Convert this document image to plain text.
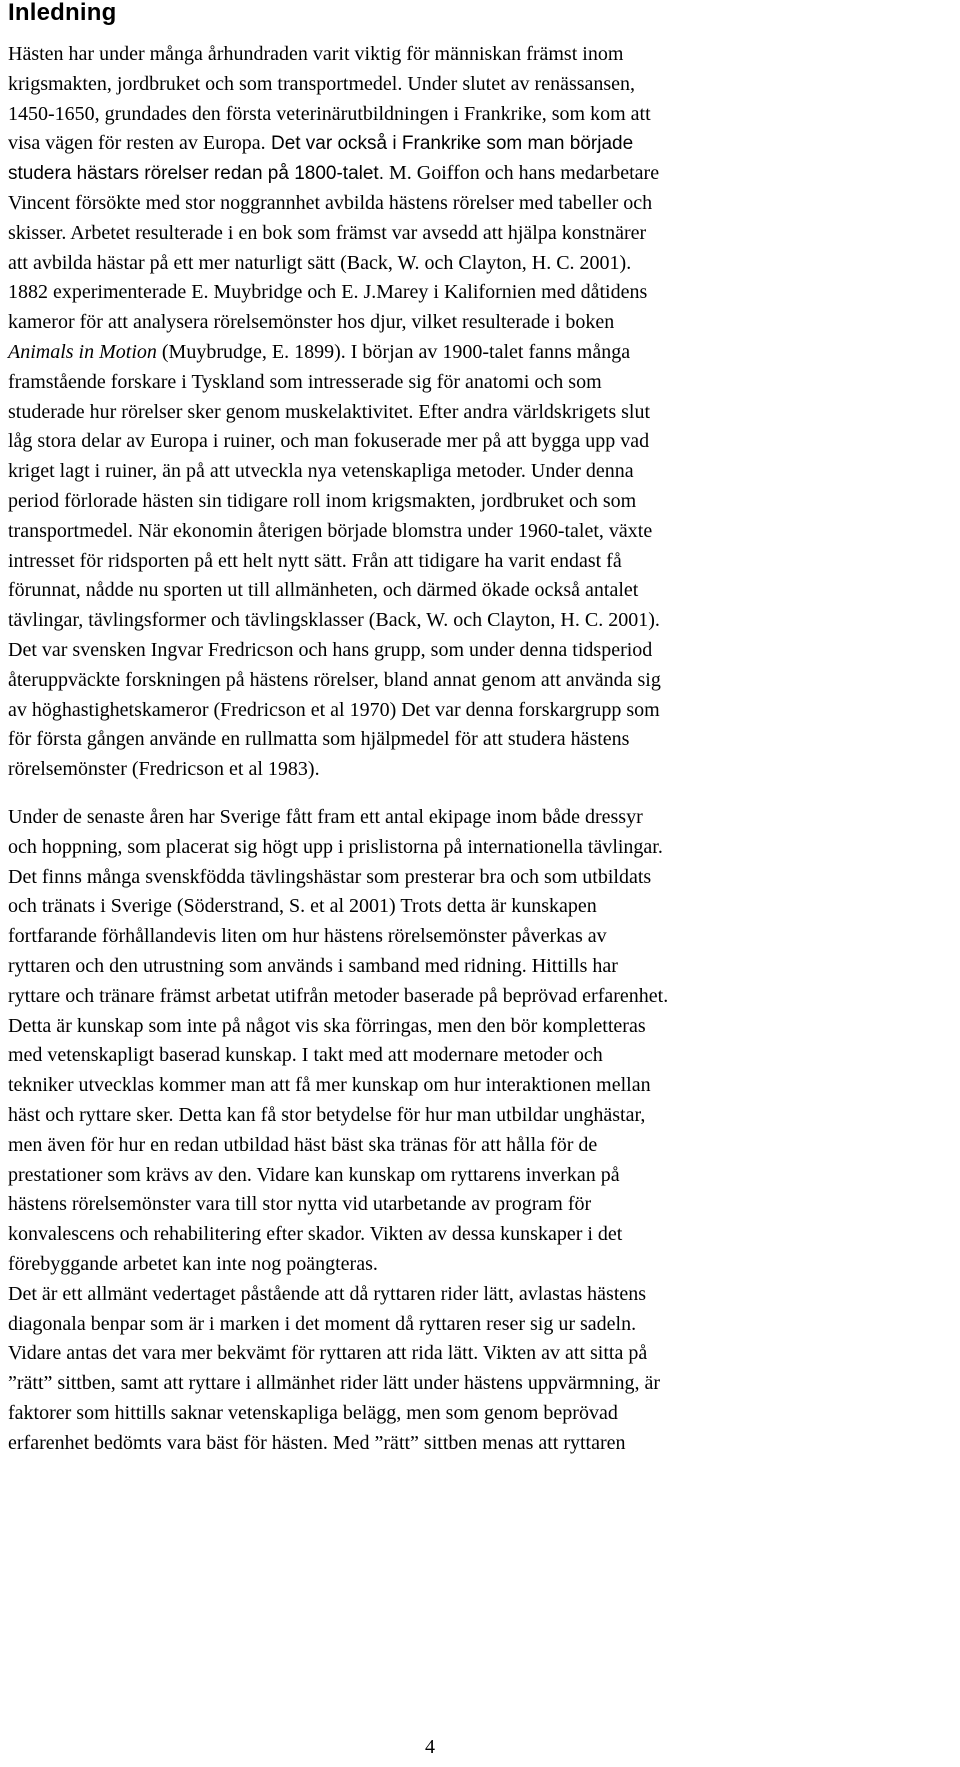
Inledning
Hästen har under många århundraden varit viktig för människan främst inom
krigsmakten, jordbruket och som transportmedel. Under slutet av renässansen,
1450-1650, grundades den första veterinärutbildningen i Frankrike, som kom att
visa vägen för resten av Europa. Det var också i Frankrike som man började
studera hästars rörelser redan på 1800-talet. M. Goiffon och hans medarbetare
Vincent försökte med stor noggrannhet avbilda hästens rörelser med tabeller och
skisser. Arbetet resulterade i en bok som främst var avsedd att hjälpa konstnärer
att avbilda hästar på ett mer naturligt sätt (Back, W. och Clayton, H. C. 2001).
1882 experimenterade E. Muybridge och E. J.Marey i Kalifornien med dåtidens
kameror för att analysera rörelsemönster hos djur, vilket resulterade i boken
Animals in Motion (Muybrudge, E. 1899). I början av 1900-talet fanns många
framstående forskare i Tyskland som intresserade sig för anatomi och som
studerade hur rörelser sker genom muskelaktivitet. Efter andra världskrigets slut
låg stora delar av Europa i ruiner, och man fokuserade mer på att bygga upp vad
kriget lagt i ruiner, än på att utveckla nya vetenskapliga metoder. Under denna
period förlorade hästen sin tidigare roll inom krigsmakten, jordbruket och som
transportmedel. När ekonomin återigen började blomstra under 1960-talet, växte
intresset för ridsporten på ett helt nytt sätt. Från att tidigare ha varit endast få
förunnat, nådde nu sporten ut till allmänheten, och därmed ökade också antalet
tävlingar, tävlingsformer och tävlingsklasser (Back, W. och Clayton, H. C. 2001).
Det var svensken Ingvar Fredricson och hans grupp, som under denna tidsperiod
återuppväckte forskningen på hästens rörelser, bland annat genom att använda sig
av höghastighetskameror (Fredricson et al 1970) Det var denna forskargrupp som
för första gången använde en rullmatta som hjälpmedel för att studera hästens
rörelsemönster (Fredricson et al 1983).
Under de senaste åren har Sverige fått fram ett antal ekipage inom både dressyr
och hoppning, som placerat sig högt upp i prislistorna på internationella tävlingar.
Det finns många svenskfödda tävlingshästar som presterar bra och som utbildats
och tränats i Sverige (Söderstrand, S. et al 2001) Trots detta är kunskapen
fortfarande förhållandevis liten om hur hästens rörelsemönster påverkas av
ryttaren och den utrustning som används i samband med ridning. Hittills har
ryttare och tränare främst arbetat utifrån metoder baserade på beprövad erfarenhet.
Detta är kunskap som inte på något vis ska förringas, men den bör kompletteras
med vetenskapligt baserad kunskap. I takt med att modernare metoder och
tekniker utvecklas kommer man att få mer kunskap om hur interaktionen mellan
häst och ryttare sker. Detta kan få stor betydelse för hur man utbildar unghästar,
men även för hur en redan utbildad häst bäst ska tränas för att hålla för de
prestationer som krävs av den. Vidare kan kunskap om ryttarens inverkan på
hästens rörelsemönster vara till stor nytta vid utarbetande av program för
konvalescens och rehabilitering efter skador. Vikten av dessa kunskaper i det
förebyggande arbetet kan inte nog poängteras.
Det är ett allmänt vedertaget påstående att då ryttaren rider lätt, avlastas hästens
diagonala benpar som är i marken i det moment då ryttaren reser sig ur sadeln.
Vidare antas det vara mer bekvämt för ryttaren att rida lätt. Vikten av att sitta på
”rätt” sittben, samt att ryttare i allmänhet rider lätt under hästens uppvärmning, är
faktorer som hittills saknar vetenskapliga belägg, men som genom beprövad
erfarenhet bedömts vara bäst för hästen. Med ”rätt” sittben menas att ryttaren
4
